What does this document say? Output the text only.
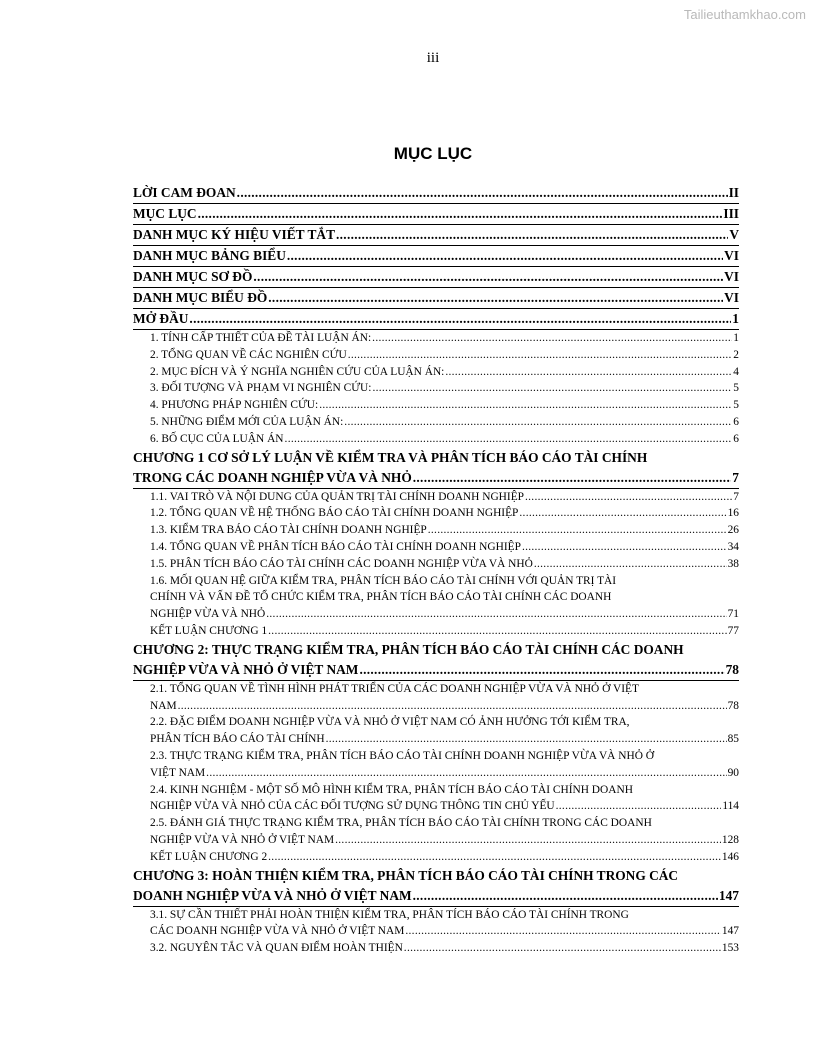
Tailieuthamkhao.com
iii
MỤC LỤC
LỜI CAM ĐOAN .....	II
MỤC LỤC .....	III
DANH MỤC KÝ HIỆU VIẾT TẮT .....	V
DANH MỤC BẢNG BIỂU .....	VI
DANH MỤC SƠ ĐỒ .....	VI
DANH MỤC BIỂU ĐỒ .....	VI
MỞ ĐẦU .....	1
1. TÍNH CẤP THIẾT CỦA ĐỀ TÀI LUẬN ÁN: .....	1
2. TỔNG QUAN VỀ CÁC NGHIÊN CỨU .....	2
2. MỤC ĐÍCH VÀ Ý NGHĨA NGHIÊN CỨU CỦA LUẬN ÁN: .....	4
3. ĐỐI TƯỢNG VÀ PHẠM VI NGHIÊN CỨU: .....	5
4. PHƯƠNG PHÁP NGHIÊN CỨU: .....	5
5. NHỮNG ĐIỂM MỚI CỦA LUẬN ÁN: .....	6
6. BỐ CỤC CỦA LUẬN ÁN .....	6
CHƯƠNG 1 CƠ SỞ LÝ LUẬN VỀ KIỂM TRA VÀ PHÂN TÍCH BÁO CÁO TÀI CHÍNH
TRONG CÁC DOANH NGHIỆP VỪA VÀ NHỎ .....	7
1.1. VAI TRÒ VÀ NỘI DUNG CỦA QUẢN TRỊ TÀI CHÍNH DOANH NGHIỆP .....	7
1.2. TỔNG QUAN VỀ HỆ THỐNG BÁO CÁO TÀI CHÍNH DOANH NGHIỆP .....	16
1.3. KIỂM TRA BÁO CÁO TÀI CHÍNH DOANH NGHIỆP .....	26
1.4. TỔNG QUAN VỀ PHÂN TÍCH BÁO CÁO TÀI CHÍNH DOANH NGHIỆP .....	34
1.5. PHÂN TÍCH BÁO CÁO TÀI CHÍNH CÁC DOANH NGHIỆP VỪA VÀ NHỎ .....	38
1.6. MỐI QUAN HỆ GIỮA KIỂM TRA, PHÂN TÍCH BÁO CÁO TÀI CHÍNH VỚI QUẢN TRỊ TÀI
CHÍNH VÀ VẤN ĐỀ TỔ CHỨC KIỂM TRA, PHÂN TÍCH BÁO CÁO TÀI CHÍNH CÁC DOANH
NGHIỆP VỪA VÀ NHỎ .....	71
KẾT LUẬN CHƯƠNG 1 .....	77
CHƯƠNG 2: THỰC TRẠNG KIỂM TRA, PHÂN TÍCH BÁO CÁO TÀI CHÍNH CÁC DOANH
NGHIỆP VỪA VÀ NHỎ Ở VIỆT NAM .....	78
2.1. TỔNG QUAN VỀ TÌNH HÌNH PHÁT TRIỂN CỦA CÁC DOANH NGHIỆP VỪA VÀ NHỎ Ở VIỆT
NAM .....	78
2.2. ĐẶC ĐIỂM DOANH NGHIỆP VỪA VÀ NHỎ Ở VIỆT NAM CÓ ẢNH HƯỞNG TỚI KIỂM TRA,
PHÂN TÍCH BÁO CÁO TÀI CHÍNH .....	85
2.3. THỰC TRẠNG KIỂM TRA, PHÂN TÍCH BÁO CÁO TÀI CHÍNH DOANH NGHIỆP VỪA VÀ NHỎ Ở
VIỆT NAM .....	90
2.4. KINH NGHIỆM - MỘT SỐ MÔ HÌNH KIỂM TRA, PHÂN TÍCH BÁO CÁO TÀI CHÍNH DOANH
NGHIỆP VỪA VÀ NHỎ CỦA CÁC ĐỐI TƯỢNG SỬ DỤNG THÔNG TIN CHỦ YẾU .....	114
2.5. ĐÁNH GIÁ THỰC TRẠNG KIỂM TRA, PHÂN TÍCH BÁO CÁO TÀI CHÍNH TRONG CÁC DOANH
NGHIỆP VỪA VÀ NHỎ Ở VIỆT NAM .....	128
KẾT LUẬN CHƯƠNG 2 .....	146
CHƯƠNG 3: HOÀN THIỆN KIỂM TRA, PHÂN TÍCH BÁO CÁO TÀI CHÍNH TRONG CÁC
DOANH NGHIỆP VỪA VÀ NHỎ Ở VIỆT NAM .....	147
3.1. SỰ CẦN THIẾT PHẢI HOÀN THIỆN KIỂM TRA, PHÂN TÍCH BÁO CÁO TÀI CHÍNH TRONG
CÁC DOANH NGHIỆP VỪA VÀ NHỎ Ở VIỆT NAM .....	147
3.2. NGUYÊN TẮC VÀ QUAN ĐIỂM HOÀN THIỆN .....	153
